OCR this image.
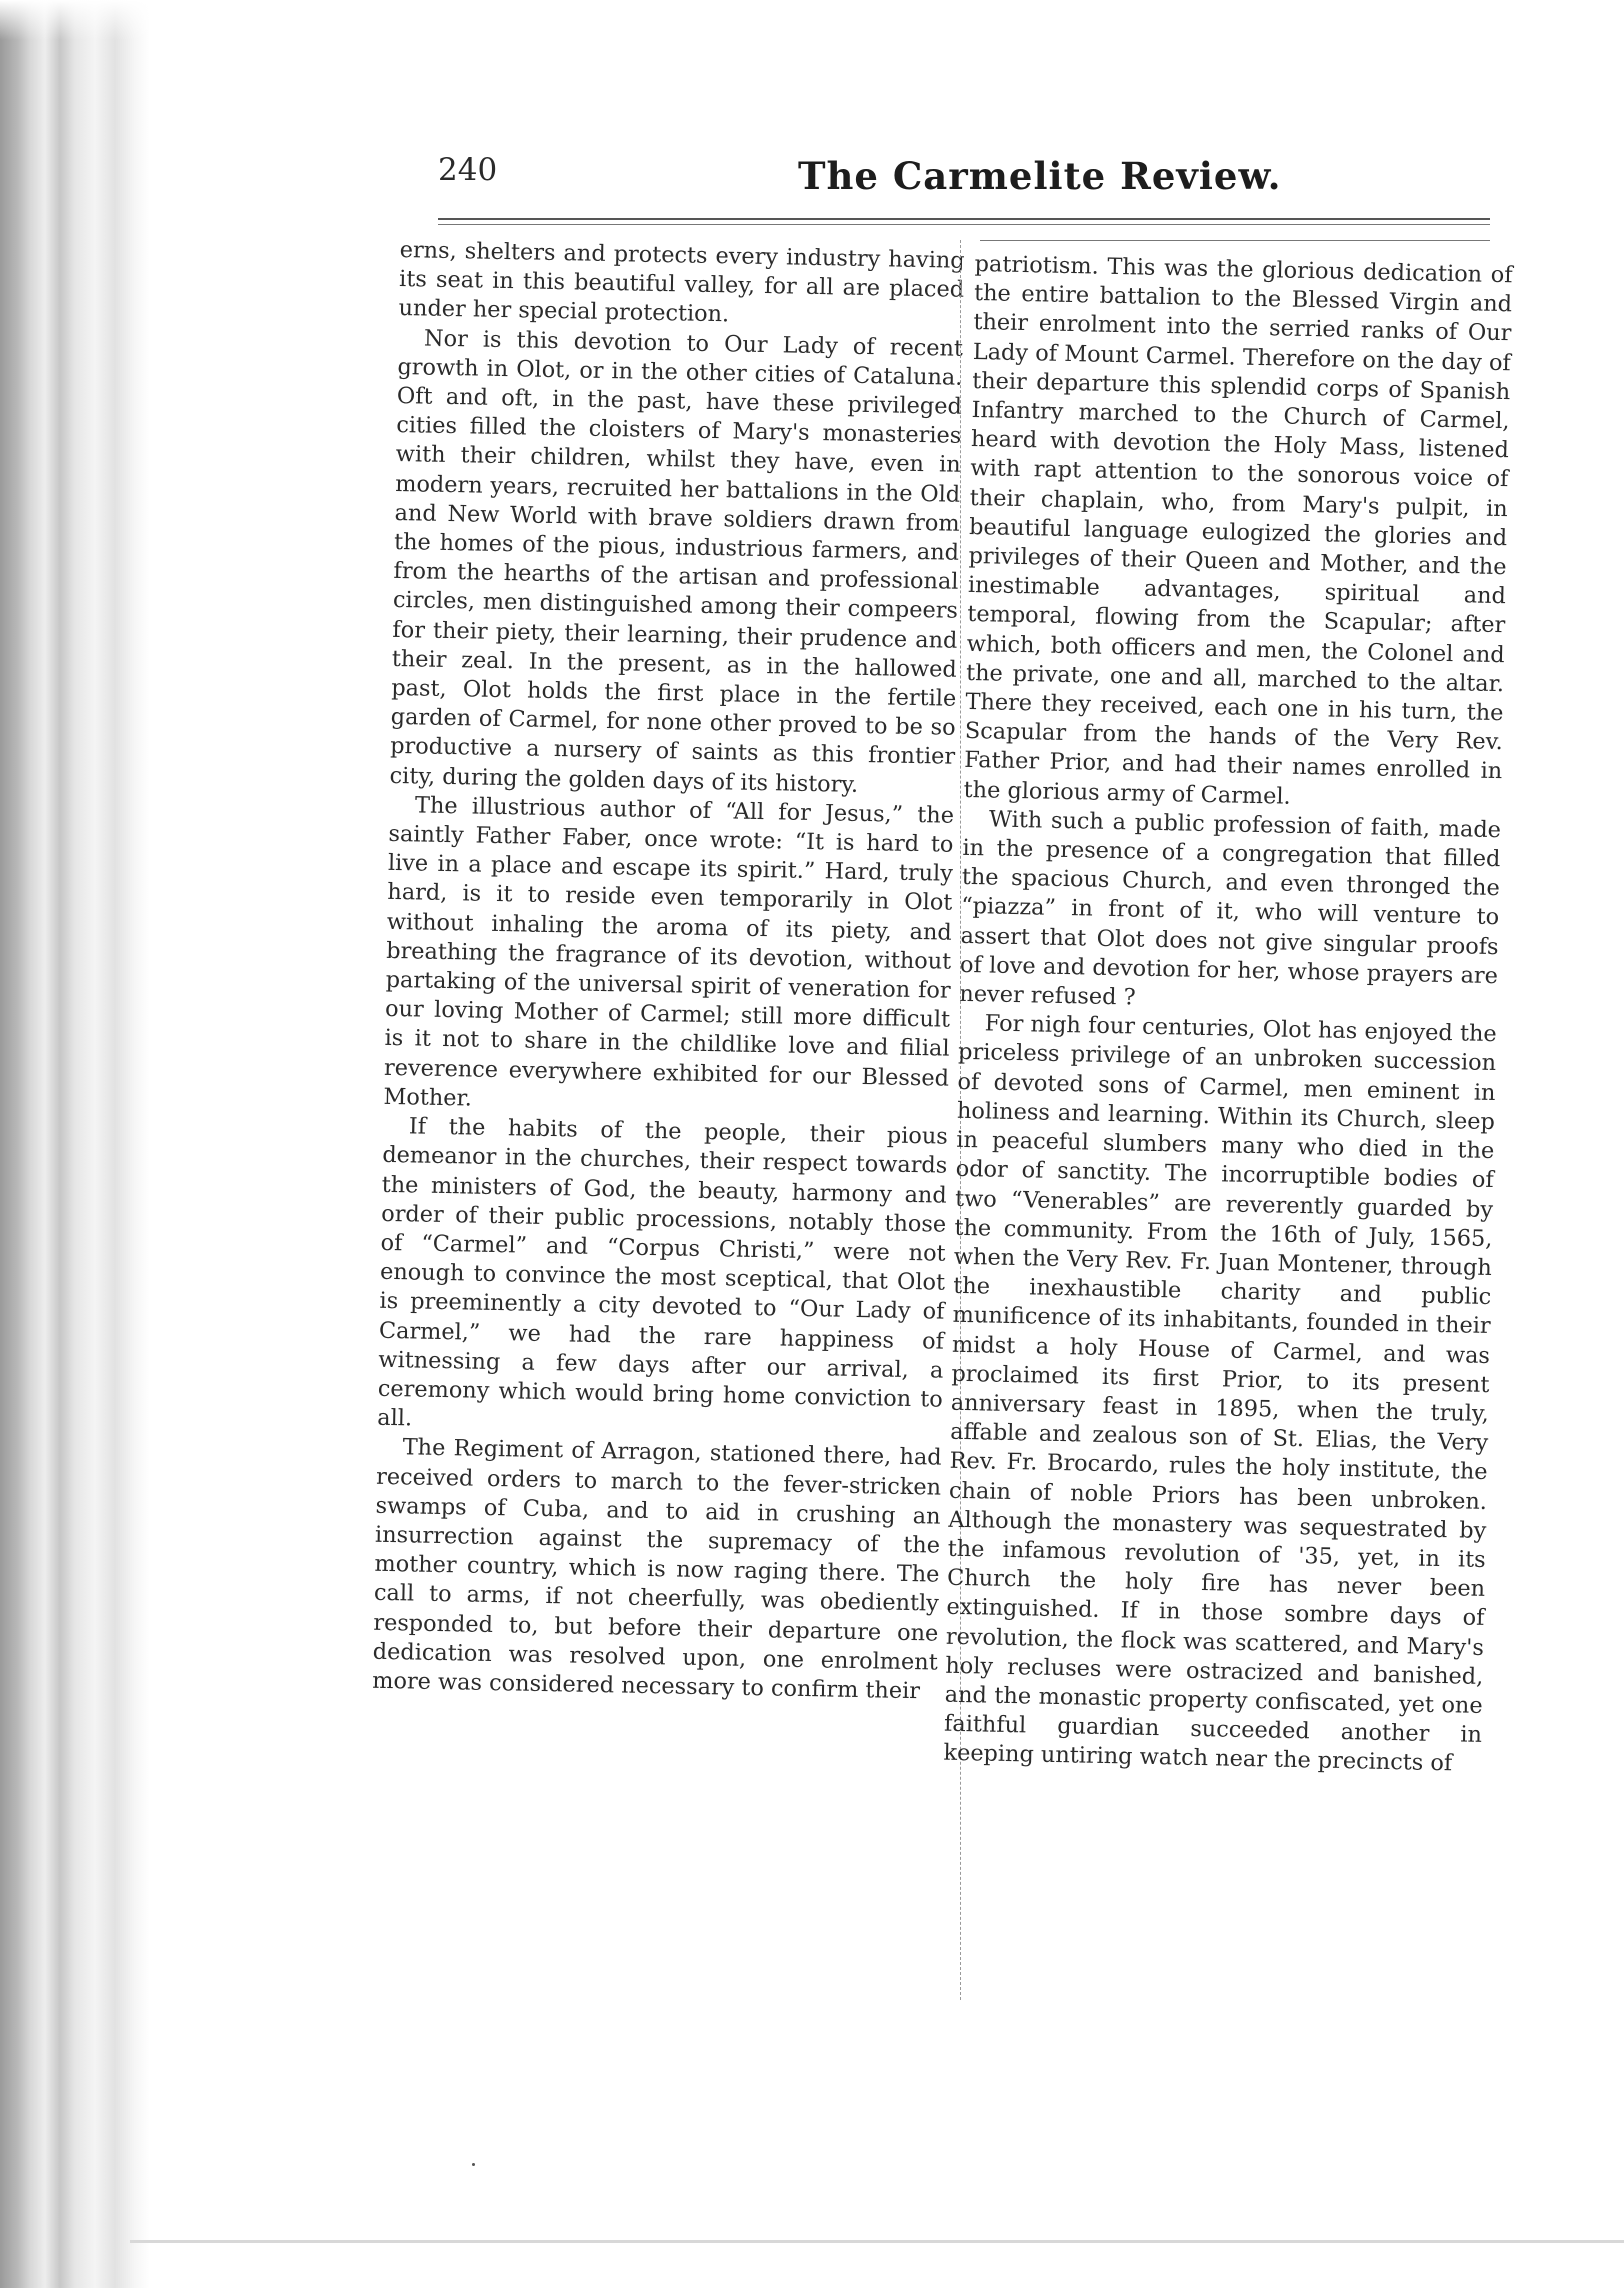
240	The Carmelite Review.

erns, shelters and protects every industry having its seat in this beautiful valley, for all are placed under her special protection.

Nor is this devotion to Our Lady of recent growth in Olot, or in the other cities of Cataluna. Oft and oft, in the past, have these privileged cities filled the cloisters of Mary's monasteries with their children, whilst they have, even in modern years, recruited her battalions in the Old and New World with brave soldiers drawn from the homes of the pious, industrious farmers, and from the hearths of the artisan and professional circles, men distinguished among their compeers for their piety, their learning, their prudence and their zeal. In the present, as in the hallowed past, Olot holds the first place in the fertile garden of Carmel, for none other proved to be so productive a nursery of saints as this frontier city, during the golden days of its history.

The illustrious author of “All for Jesus,” the saintly Father Faber, once wrote: “It is hard to live in a place and escape its spirit.” Hard, truly hard, is it to reside even temporarily in Olot without inhaling the aroma of its piety, and breathing the fragrance of its devotion, without partaking of the universal spirit of veneration for our loving Mother of Carmel; still more difficult is it not to share in the childlike love and filial reverence everywhere exhibited for our Blessed Mother.

If the habits of the people, their pious demeanor in the churches, their respect towards the ministers of God, the beauty, harmony and order of their public processions, notably those of “Carmel” and “Corpus Christi,” were not enough to convince the most sceptical, that Olot is preeminently a city devoted to “Our Lady of Carmel,” we had the rare happiness of witnessing a few days after our arrival, a ceremony which would bring home conviction to all.

The Regiment of Arragon, stationed there, had received orders to march to the fever-stricken swamps of Cuba, and to aid in crushing an insurrection against the supremacy of the mother country, which is now raging there. The call to arms, if not cheerfully, was obediently responded to, but before their departure one dedication was resolved upon, one enrolment more was considered necessary to confirm their

patriotism. This was the glorious dedication of the entire battalion to the Blessed Virgin and their enrolment into the serried ranks of Our Lady of Mount Carmel. Therefore on the day of their departure this splendid corps of Spanish Infantry marched to the Church of Carmel, heard with devotion the Holy Mass, listened with rapt attention to the sonorous voice of their chaplain, who, from Mary's pulpit, in beautiful language eulogized the glories and privileges of their Queen and Mother, and the inestimable advantages, spiritual and temporal, flowing from the Scapular; after which, both officers and men, the Colonel and the private, one and all, marched to the altar. There they received, each one in his turn, the Scapular from the hands of the Very Rev. Father Prior, and had their names enrolled in the glorious army of Carmel.

With such a public profession of faith, made in the presence of a congregation that filled the spacious Church, and even thronged the “piazza” in front of it, who will venture to assert that Olot does not give singular proofs of love and devotion for her, whose prayers are never refused ?

For nigh four centuries, Olot has enjoyed the priceless privilege of an unbroken succession of devoted sons of Carmel, men eminent in holiness and learning. Within its Church, sleep in peaceful slumbers many who died in the odor of sanctity. The incorruptible bodies of two “Venerables” are reverently guarded by the community. From the 16th of July, 1565, when the Very Rev. Fr. Juan Montener, through the inexhaustible charity and public munificence of its inhabitants, founded in their midst a holy House of Carmel, and was proclaimed its first Prior, to its present anniversary feast in 1895, when the truly, affable and zealous son of St. Elias, the Very Rev. Fr. Brocardo, rules the holy institute, the chain of noble Priors has been unbroken. Although the monastery was sequestrated by the infamous revolution of '35, yet, in its Church the holy fire has never been extinguished. If in those sombre days of revolution, the flock was scattered, and Mary's holy recluses were ostracized and banished, and the monastic property confiscated, yet one faithful guardian succeeded another in keeping untiring watch near the precincts of
